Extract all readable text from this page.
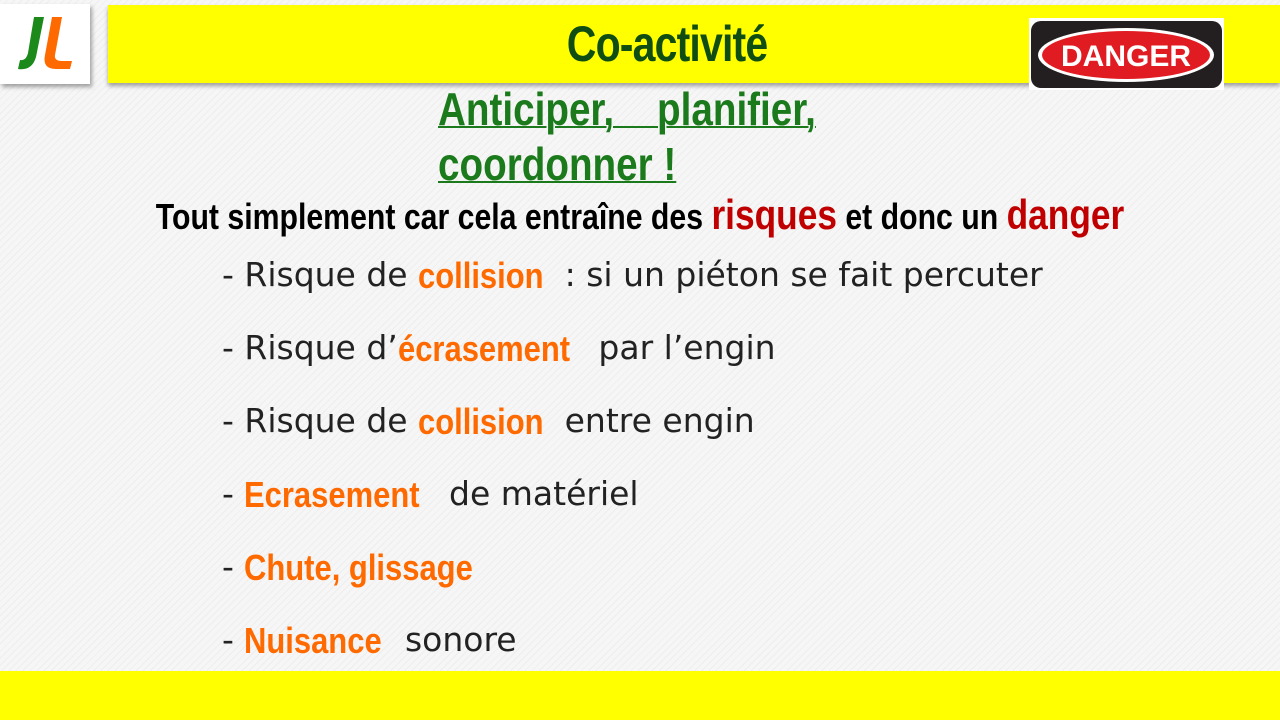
Co-activité	DANGER
Anticiper,    planifier,
coordonner !
Tout simplement car cela entraîne des risques et donc un danger
- Risque de collision : si un piéton se fait percuter
- Risque d’ écrasement par l’engin
- Risque de collision entre engin
- Ecrasement de matériel
- Chute, glissage
- Nuisance sonore
